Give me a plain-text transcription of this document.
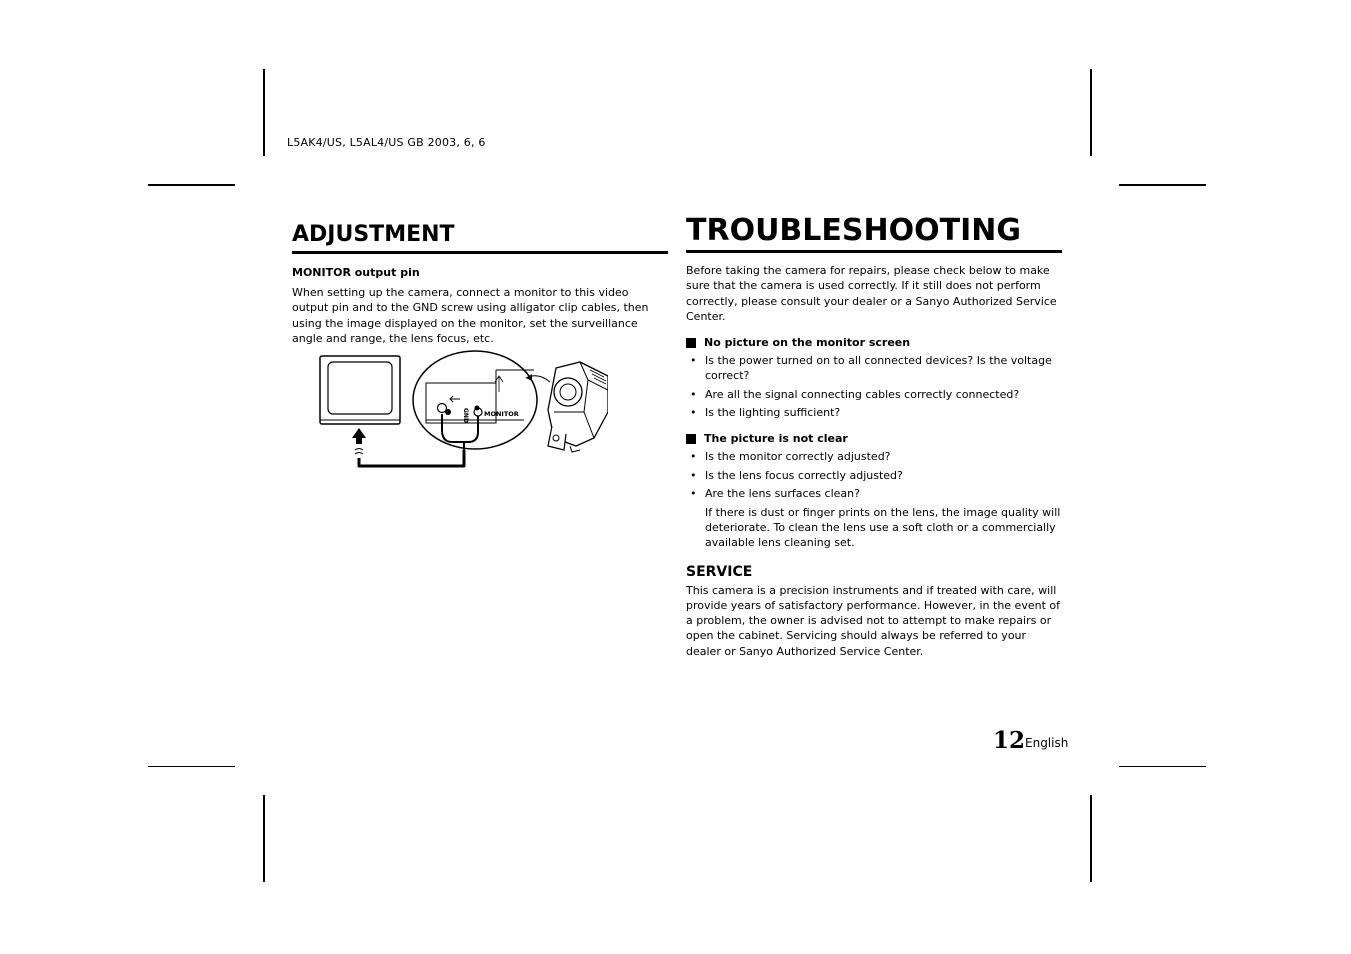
L5AK4/US, L5AL4/US GB 2003, 6, 6
ADJUSTMENT
MONITOR output pin

When setting up the camera, connect a monitor to this video output pin and to the GND screw using alligator clip cables, then using the image displayed on the monitor, set the surveillance angle and range, the lens focus, etc.

GND MONITOR
TROUBLESHOOTING

Before taking the camera for repairs, please check below to make sure that the camera is used correctly. If it still does not perform correctly, please consult your dealer or a Sanyo Authorized Service Center.

No picture on the monitor screen
• Is the power turned on to all connected devices? Is the voltage correct?
• Are all the signal connecting cables correctly connected?
• Is the lighting sufficient?
The picture is not clear
• Is the monitor correctly adjusted?
• Is the lens focus correctly adjusted?
• Are the lens surfaces clean?
If there is dust or finger prints on the lens, the image quality will deteriorate. To clean the lens use a soft cloth or a commercially available lens cleaning set.
SERVICE

This camera is a precision instruments and if treated with care, will provide years of satisfactory performance. However, in the event of a problem, the owner is advised not to attempt to make repairs or open the cabinet. Servicing should always be referred to your dealer or Sanyo Authorized Service Center.

12 English
